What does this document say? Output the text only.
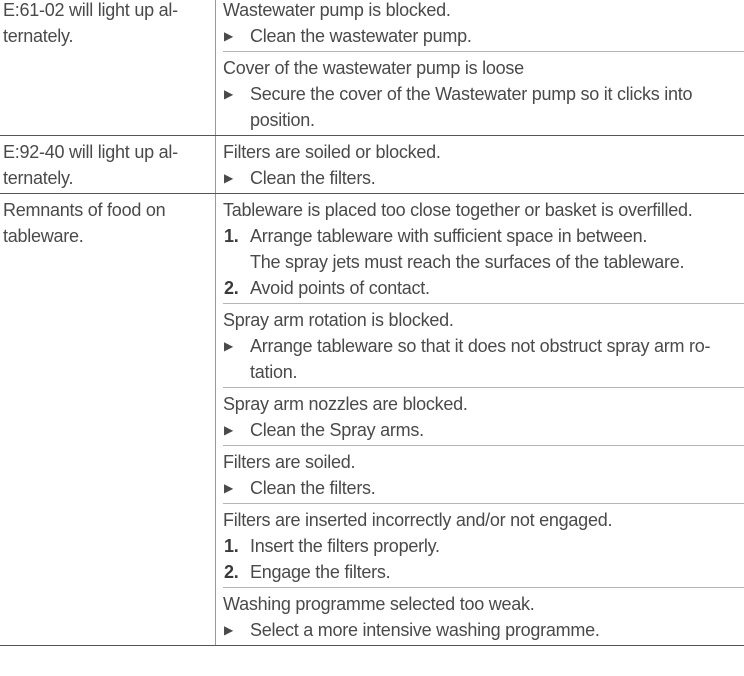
E:61-02 will light up al-
ternately.
Wastewater pump is blocked.
▶ Clean the wastewater pump.
Cover of the wastewater pump is loose
▶ Secure the cover of the Wastewater pump so it clicks into position.
E:92-40 will light up al-
ternately.
Filters are soiled or blocked.
▶ Clean the filters.
Remnants of food on
tableware.
Tableware is placed too close together or basket is overfilled.
1. Arrange tableware with sufficient space in between.
The spray jets must reach the surfaces of the tableware.
2. Avoid points of contact.
Spray arm rotation is blocked.
▶ Arrange tableware so that it does not obstruct spray arm ro-
tation.
Spray arm nozzles are blocked.
▶ Clean the Spray arms.
Filters are soiled.
▶ Clean the filters.
Filters are inserted incorrectly and/or not engaged.
1. Insert the filters properly.
2. Engage the filters.
Washing programme selected too weak.
▶ Select a more intensive washing programme.
